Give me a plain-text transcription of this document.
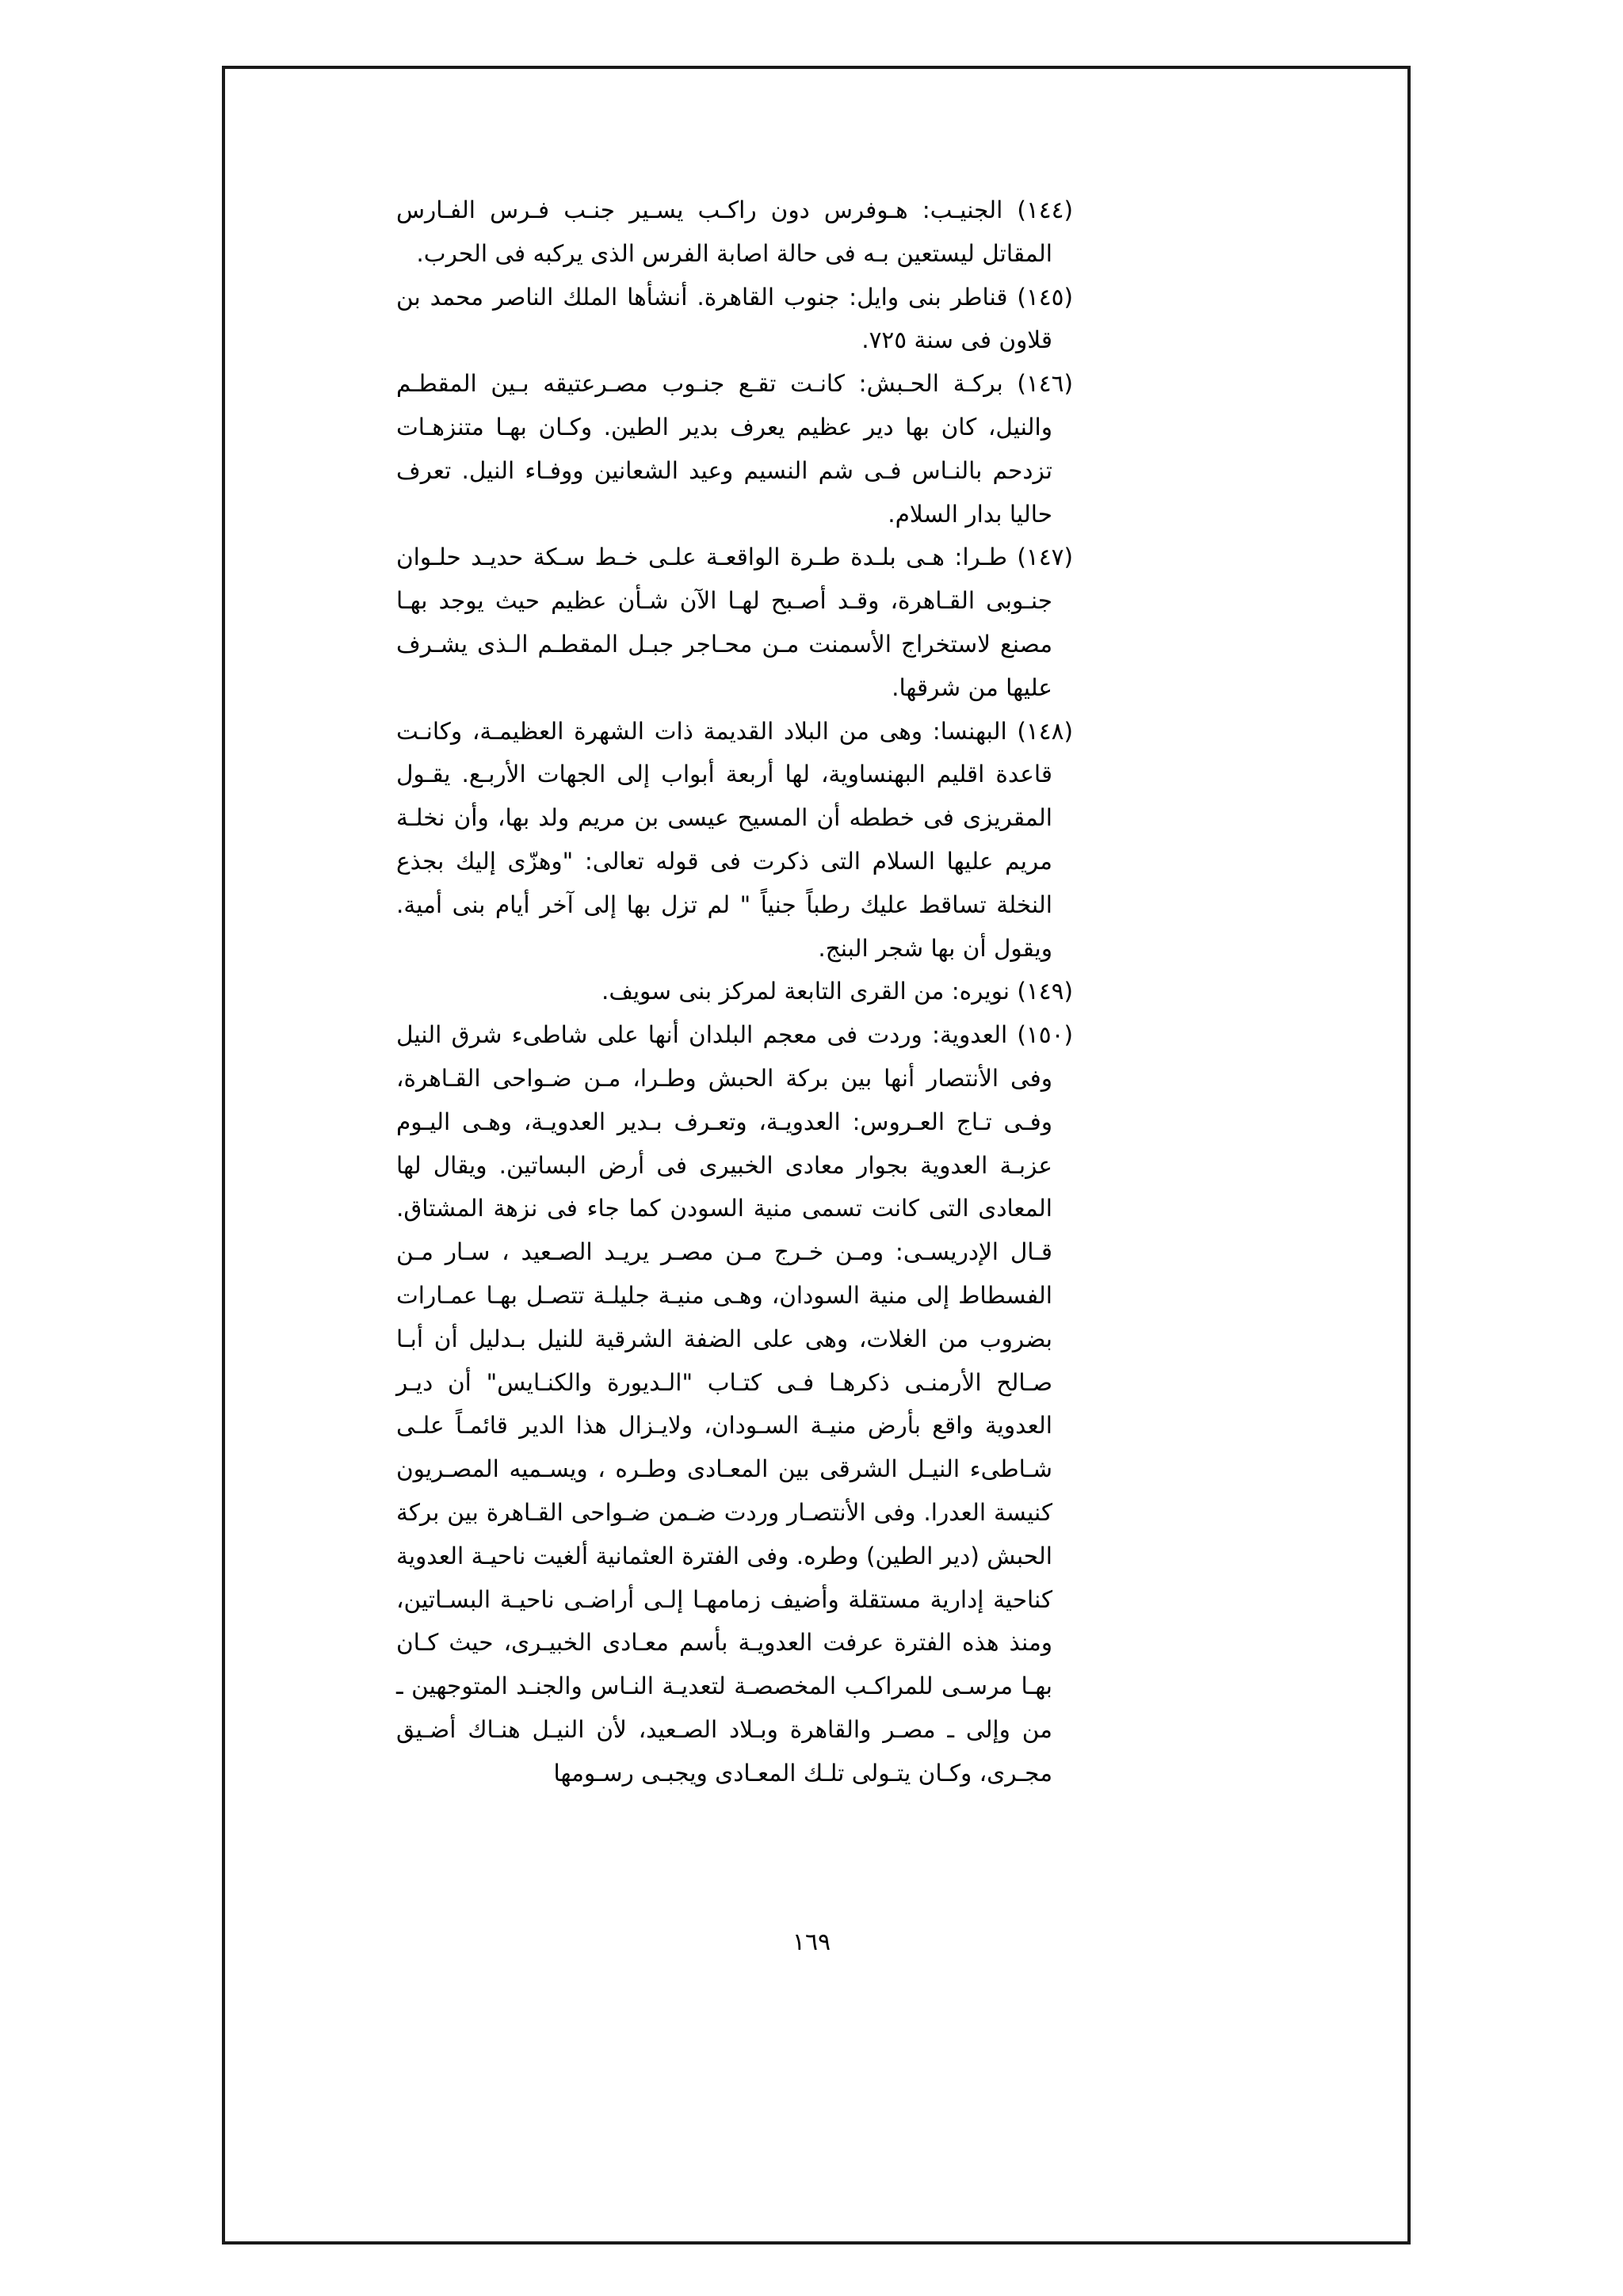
(١٤٤) الجنيـب: هـوفرس دون راكـب يسـير جنـب فـرس الفـارس المقاتل ليستعين بـه فى حالة اصابة الفرس الذى يركبه فى الحرب.

(١٤٥) قناطر بنى وايل: جنوب القاهرة. أنشأها الملك الناصر محمد بن قلاون فى سنة ٧٢٥.

(١٤٦) بركـة الحـبش: كانـت تقـع جنـوب مصـرعتيقه بـين المقطـم والنيل، كان بها دير عظيم يعرف بدير الطين. وكـان بهـا متنزهـات تزدحم بالنـاس فـى شم النسيم وعيد الشعانين ووفـاء النيل. تعرف حاليا بدار السلام.

(١٤٧) طـرا: هـى بلـدة طـرة الواقعـة علـى خـط سـكة حديـد حلـوان جنـوبى القـاهرة، وقـد أصـبح لهـا الآن شـأن عظيم حيث يوجد بهـا مصنع لاستخراج الأسمنت مـن محـاجر جبـل المقطـم الـذى يشـرف عليها من شرقها.

(١٤٨) البهنسا: وهى من البلاد القديمة ذات الشهرة العظيمـة، وكانـت قاعدة اقليم البهنساوية، لها أربعة أبواب إلى الجهات الأربـع. يقـول المقريزى فى خططه أن المسيح عيسى بن مريم ولد بها، وأن نخلـة مريم عليها السلام التى ذكرت فى قوله تعالى: "وهزّى إليك بجذع النخلة تساقط عليك رطباً جنياً " لم تزل بها إلى آخر أيام بنى أمية. ويقول أن بها شجر البنج.

(١٤٩) نويره: من القرى التابعة لمركز بنى سويف.

(١٥٠) العدوية: وردت فى معجم البلدان أنها على شاطىء شرق النيل وفى الأنتصار أنها بين بركة الحبش وطـرا، مـن ضـواحى القـاهرة، وفـى تـاج العـروس: العدويـة، وتعـرف بـدير العدويـة، وهـى اليـوم عزبـة العدوية بجوار معادى الخبيرى فى أرض البساتين. ويقال لها المعادى التى كانت تسمى منية السودن كما جاء فى نزهة المشتاق. قـال الإدريسـى: ومـن خـرج مـن مصـر يريـد الصـعيد ، سـار مـن الفسطاط إلى منية السودان، وهـى منيـة جليلـة تتصـل بهـا عمـارات بضروب من الغلات، وهى على الضفة الشرقية للنيل بـدليل أن أبـا صـالح الأرمنـى ذكرهـا فـى كتـاب "الـديورة والكنـايس" أن ديـر العدوية واقع بأرض منيـة السـودان، ولايـزال هذا الدير قائمـاً علـى شـاطىء النيـل الشرقى بين المعـادى وطـره ، ويسـميه المصـريون كنيسة العدرا. وفى الأنتصـار وردت ضـمن ضـواحى القـاهرة بين بركة الحبش (دير الطين) وطره. وفى الفترة العثمانية ألغيت ناحيـة العدوية كناحية إدارية مستقلة وأضيف زمامهـا إلـى أراضـى ناحيـة البسـاتين، ومنذ هذه الفترة عرفت العدويـة بأسم معـادى الخبيـرى، حيث كـان بهـا مرسـى للمراكـب المخصصـة لتعديـة النـاس والجنـد المتوجهين ـ من وإلى ـ مصـر والقاهرة وبـلاد الصـعيد، لأن النيـل هنـاك أضـيق مجـرى، وكـان يتـولى تلـك المعـادى ويجبـى رسـومها

١٦٩
